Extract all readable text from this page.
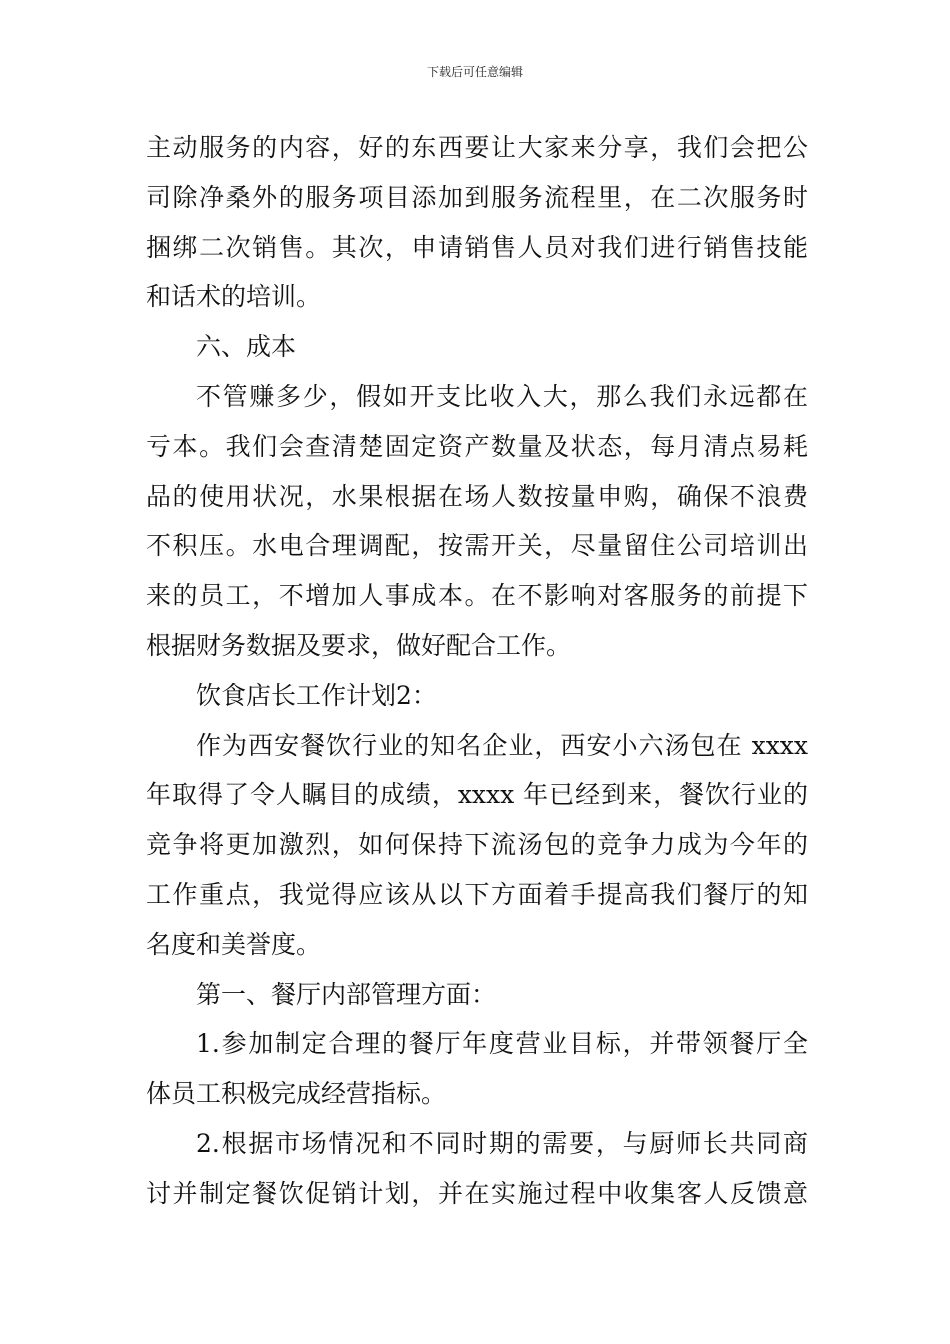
下载后可任意编辑
主动服务的内容，好的东西要让大家来分享，我们会把公
司除净桑外的服务项目添加到服务流程里，在二次服务时
捆绑二次销售。其次，申请销售人员对我们进行销售技能
和话术的培训。
六、成本
不管赚多少，假如开支比收入大，那么我们永远都在
亏本。我们会查清楚固定资产数量及状态，每月清点易耗
品的使用状况，水果根据在场人数按量申购，确保不浪费
不积压。水电合理调配，按需开关，尽量留住公司培训出
来的员工，不增加人事成本。在不影响对客服务的前提下
根据财务数据及要求，做好配合工作。
饮食店长工作计划2：
作为西安餐饮行业的知名企业，西安小六汤包在 xxxx
年取得了令人瞩目的成绩，xxxx 年已经到来，餐饮行业的
竞争将更加激烈，如何保持下流汤包的竞争力成为今年的
工作重点，我觉得应该从以下方面着手提高我们餐厅的知
名度和美誉度。
第一、餐厅内部管理方面：
1.参加制定合理的餐厅年度营业目标，并带领餐厅全
体员工积极完成经营指标。
2.根据市场情况和不同时期的需要，与厨师长共同商
讨并制定餐饮促销计划，并在实施过程中收集客人反馈意
